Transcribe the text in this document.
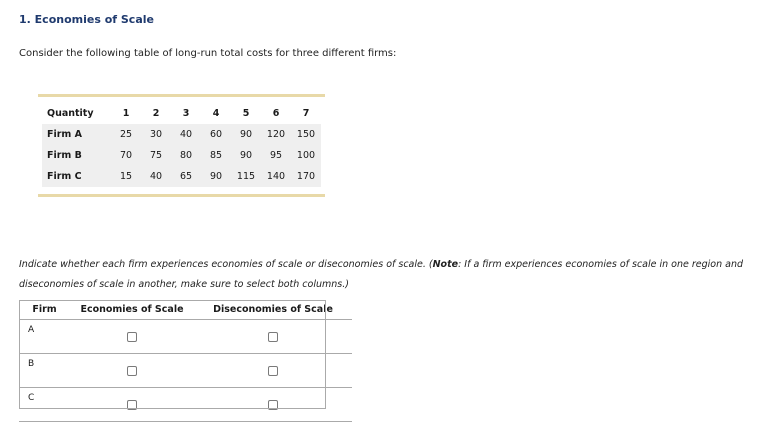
1. Economies of Scale
Consider the following table of long-run total costs for three different firms:
Quantity	1	2	3	4	5	6	7
Firm A	25	30	40	60	90	120	150
Firm B	70	75	80	85	90	95	100
Firm C	15	40	65	90	115	140	170
Indicate whether each firm experiences economies of scale or diseconomies of scale. (Note: If a firm experiences economies of scale in one region and diseconomies of scale in another, make sure to select both columns.)
Firm	Economies of Scale	Diseconomies of Scale
A		
B		
C		
